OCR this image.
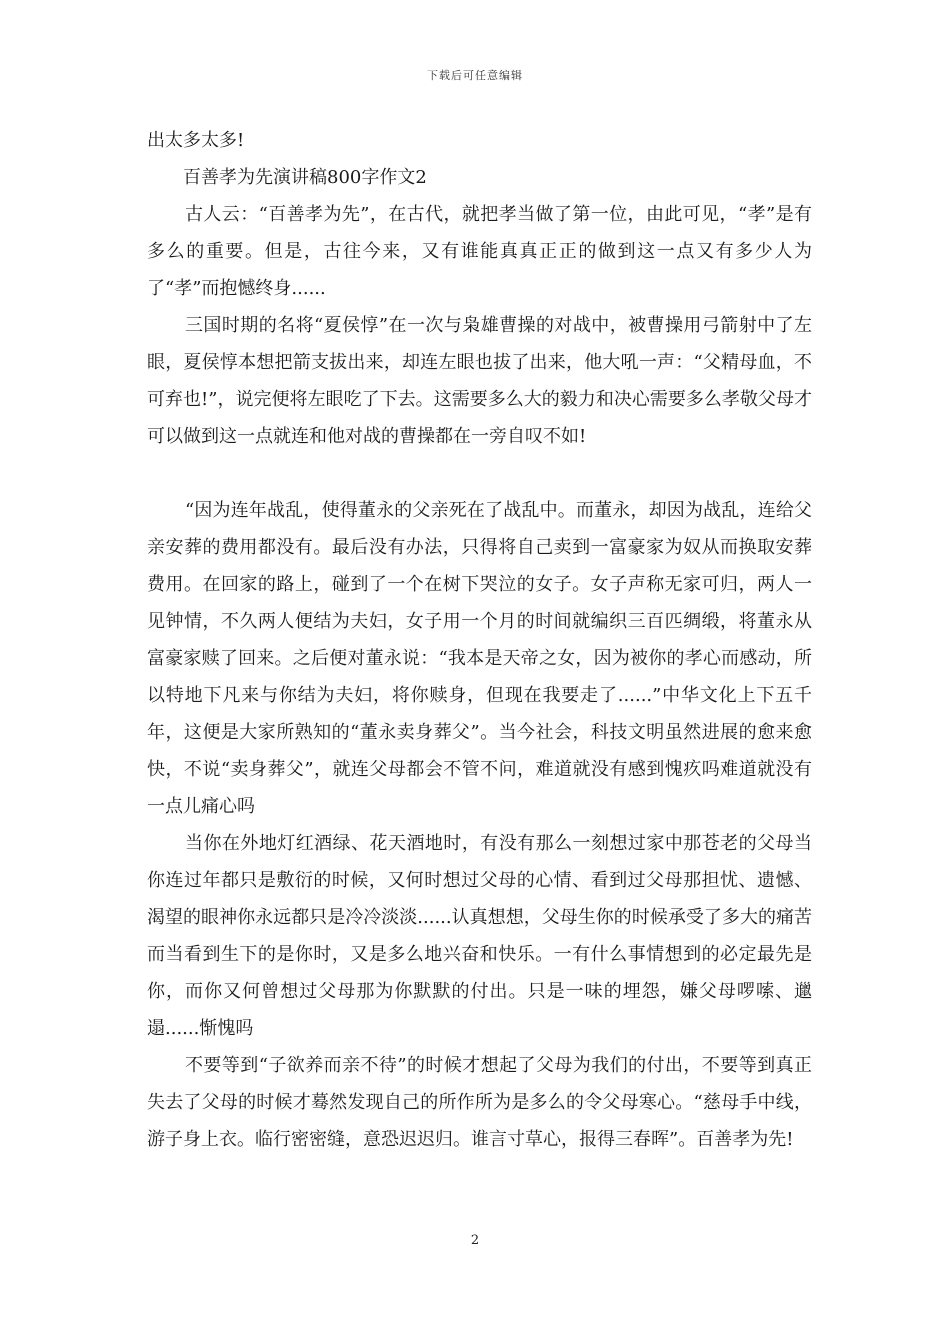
下载后可任意编辑

出太多太多!

百善孝为先演讲稿800字作文2

古人云：“百善孝为先”，在古代，就把孝当做了第一位，由此可见，“孝”是有多么的重要。但是，古往今来，又有谁能真真正正的做到这一点又有多少人为了“孝”而抱憾终身......

三国时期的名将“夏侯惇”在一次与枭雄曹操的对战中，被曹操用弓箭射中了左眼，夏侯惇本想把箭支拔出来，却连左眼也拔了出来，他大吼一声：“父精母血，不可弃也!”，说完便将左眼吃了下去。这需要多么大的毅力和决心需要多么孝敬父母才可以做到这一点就连和他对战的曹操都在一旁自叹不如!

“因为连年战乱，使得董永的父亲死在了战乱中。而董永，却因为战乱，连给父亲安葬的费用都没有。最后没有办法，只得将自己卖到一富豪家为奴从而换取安葬费用。在回家的路上，碰到了一个在树下哭泣的女子。女子声称无家可归，两人一见钟情，不久两人便结为夫妇，女子用一个月的时间就编织三百匹绸缎，将董永从富豪家赎了回来。之后便对董永说：“我本是天帝之女，因为被你的孝心而感动，所以特地下凡来与你结为夫妇，将你赎身，但现在我要走了......”中华文化上下五千年，这便是大家所熟知的“董永卖身葬父”。当今社会，科技文明虽然进展的愈来愈快，不说“卖身葬父”，就连父母都会不管不问，难道就没有感到愧疚吗难道就没有一点儿痛心吗

当你在外地灯红酒绿、花天酒地时，有没有那么一刻想过家中那苍老的父母当你连过年都只是敷衍的时候，又何时想过父母的心情、看到过父母那担忧、遗憾、渴望的眼神你永远都只是冷冷淡淡......认真想想，父母生你的时候承受了多大的痛苦而当看到生下的是你时，又是多么地兴奋和快乐。一有什么事情想到的必定最先是你，而你又何曾想过父母那为你默默的付出。只是一味的埋怨，嫌父母啰嗦、邋遢......惭愧吗

不要等到“子欲养而亲不待”的时候才想起了父母为我们的付出，不要等到真正失去了父母的时候才蓦然发现自己的所作所为是多么的令父母寒心。“慈母手中线，游子身上衣。临行密密缝，意恐迟迟归。谁言寸草心，报得三春晖”。百善孝为先!

2
